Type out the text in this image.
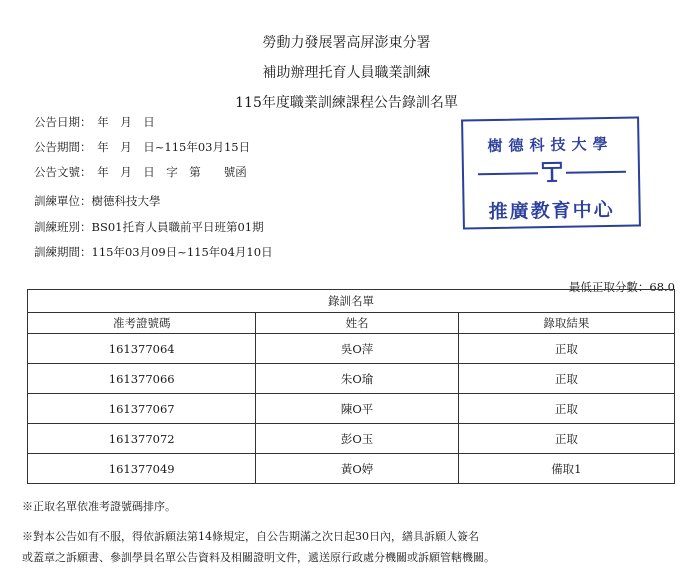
勞動力發展署高屏澎東分署
補助辦理托育人員職業訓練
115年度職業訓練課程公告錄訓名單
公告日期：　年　月　日
公告期間：　年　月　日~115年03月15日
公告文號：　年　月　日　字　第　　號函
訓練單位：樹德科技大學
訓練班別：BS01托育人員職前平日班第01期
訓練期間：115年03月09日~115年04月10日
樹德科技大學
推廣教育中心
最低正取分數：68.0
錄訓名單		
准考證號碼	姓名	錄取結果
161377064	吳O萍	正取
161377066	朱O瑜	正取
161377067	陳O平	正取
161377072	彭O玉	正取
161377049	黃O婷	備取1
※正取名單依准考證號碼排序。
※對本公告如有不服，得依訴願法第14條規定，自公告期滿之次日起30日內，繕具訴願人簽名
或蓋章之訴願書、參訓學員名單公告資料及相關證明文件，遞送原行政處分機關或訴願管轄機關。
